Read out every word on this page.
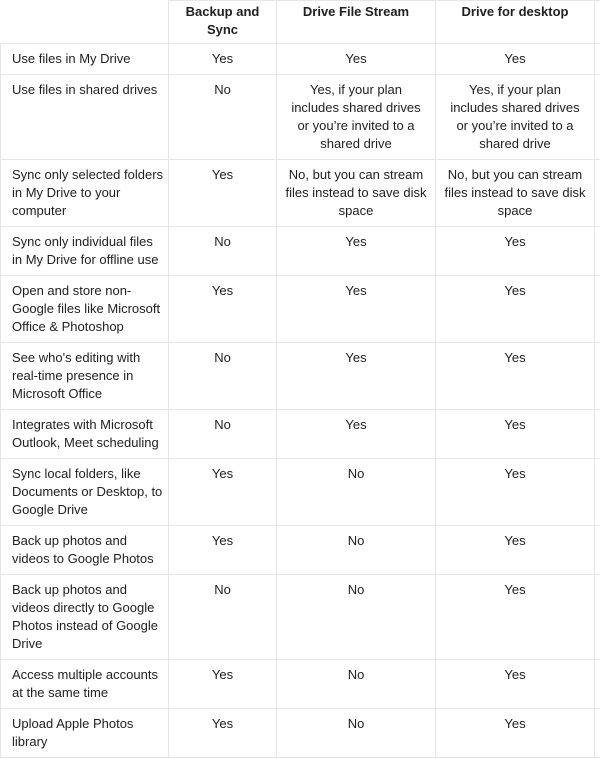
	Backup and Sync	Drive File Stream	Drive for desktop	
Use files in My Drive	Yes	Yes	Yes	
Use files in shared drives	No	Yes, if your plan includes shared drives or you’re invited to a shared drive	Yes, if your plan includes shared drives or you’re invited to a shared drive	
Sync only selected folders in My Drive to your computer	Yes	No, but you can stream files instead to save disk space	No, but you can stream files instead to save disk space	
Sync only individual files in My Drive for offline use	No	Yes	Yes	
Open and store non-Google files like Microsoft Office & Photoshop	Yes	Yes	Yes	
See who's editing with real-time presence in Microsoft Office	No	Yes	Yes	
Integrates with Microsoft Outlook, Meet scheduling	No	Yes	Yes	
Sync local folders, like Documents or Desktop, to Google Drive	Yes	No	Yes	
Back up photos and videos to Google Photos	Yes	No	Yes	
Back up photos and videos directly to Google Photos instead of Google Drive	No	No	Yes	
Access multiple accounts at the same time	Yes	No	Yes	
Upload Apple Photos library	Yes	No	Yes	
